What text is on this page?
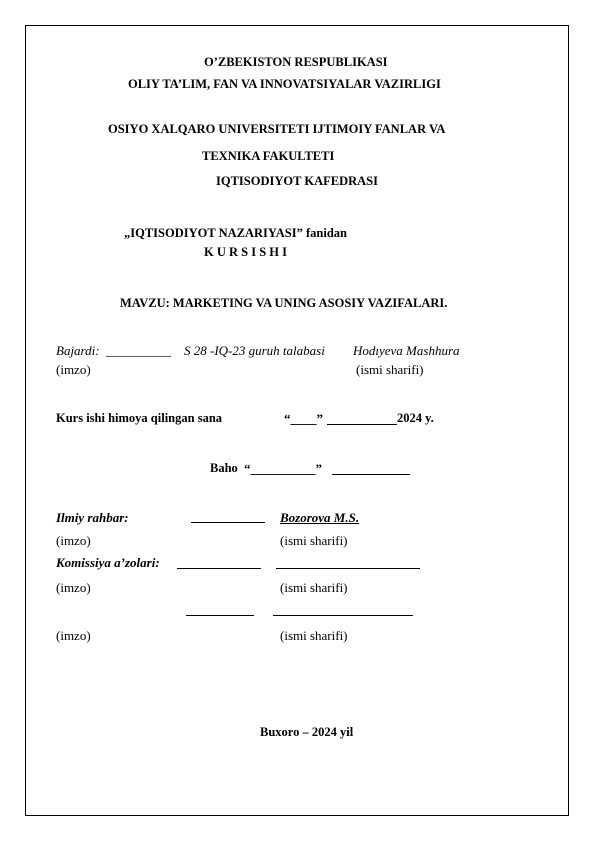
O’ZBEKISTON RESPUBLIKASI
OLIY TA’LIM, FAN VA INNOVATSIYALAR VAZIRLIGI
OSIYO XALQARO UNIVERSITETI IJTIMOIY FANLAR VA
TEXNIKA FAKULTETI
IQTISODIYOT KAFEDRASI
„IQTISODIYOT NAZARIYASI” fanidan
K U R S I S H I
MAVZU: MARKETING VA UNING ASOSIY VAZIFALARI.
Bajardi: __________ S 28 -IQ-23 guruh talabasi Hodıyeva Mashhura
(imzo)	(ismi sharifi)
Kurs ishi himoya qilingan sana	“____”	2024 y.
Baho “__________”
Ilmiy rahbar:	Bozorova M.S.
(imzo)	(ismi sharifi)
Komissiya a’zolari:
(imzo)	(ismi sharifi)
(imzo)	(ismi sharifi)
Buxoro – 2024 yil
